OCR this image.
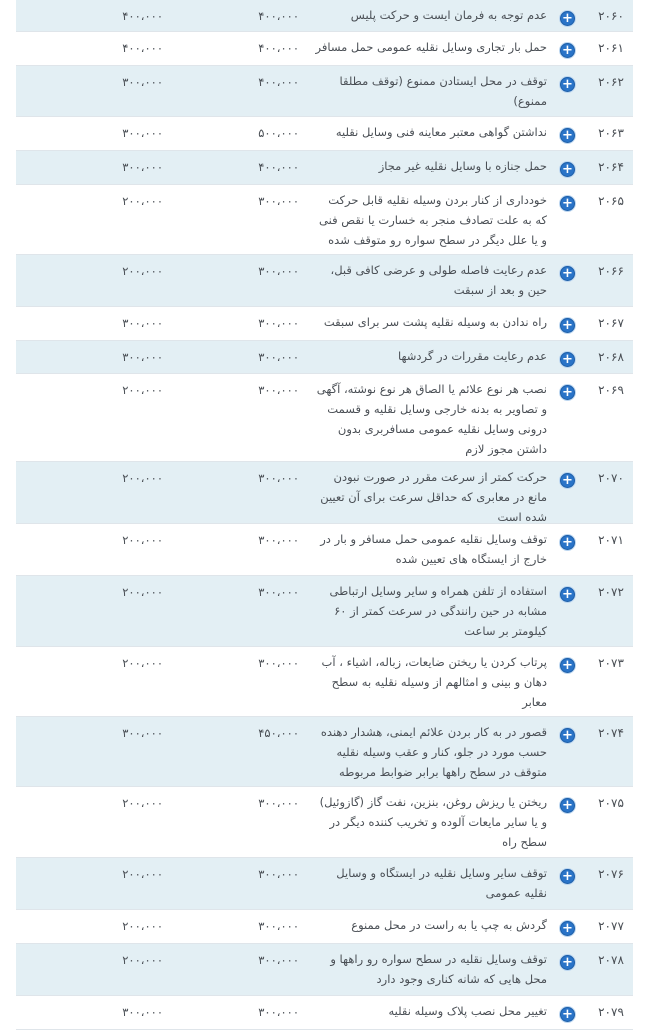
۲۰۶۰
+
عدم توجه به فرمان ایست و حرکت پلیس
۴۰۰،۰۰۰
۴۰۰،۰۰۰
۲۰۶۱
+
حمل بار تجاری وسایل نقلیه عمومی حمل مسافر
۴۰۰،۰۰۰
۴۰۰،۰۰۰
۲۰۶۲
+
توقف در محل ایستادن ممنوع (توقف مطلقا ممنوع)
۴۰۰،۰۰۰
۳۰۰،۰۰۰
۲۰۶۳
+
نداشتن گواهی معتبر معاینه فنی وسایل نقلیه
۵۰۰،۰۰۰
۳۰۰،۰۰۰
۲۰۶۴
+
حمل جنازه با وسایل نقلیه غیر مجاز
۴۰۰،۰۰۰
۳۰۰،۰۰۰
۲۰۶۵
+
خودداری از کنار بردن وسیله نقلیه قابل حرکت که به علت تصادف منجر به خسارت یا نقص فنی و یا علل دیگر در سطح سواره رو متوقف شده
۳۰۰،۰۰۰
۲۰۰،۰۰۰
۲۰۶۶
+
عدم رعایت فاصله طولی و عرضی کافی قبل، حین و بعد از سبقت
۳۰۰،۰۰۰
۲۰۰،۰۰۰
۲۰۶۷
+
راه ندادن به وسیله نقلیه پشت سر برای سبقت
۳۰۰،۰۰۰
۳۰۰،۰۰۰
۲۰۶۸
+
عدم رعایت مقررات در گردشها
۳۰۰،۰۰۰
۳۰۰،۰۰۰
۲۰۶۹
+
نصب هر نوع علائم یا الصاق هر نوع نوشته، آگهی و تصاویر به بدنه خارجی وسایل نقلیه و قسمت درونی وسایل نقلیه عمومی مسافربری بدون داشتن مجوز لازم
۳۰۰،۰۰۰
۲۰۰،۰۰۰
۲۰۷۰
+
حرکت کمتر از سرعت مقرر در صورت نبودن مانع در معابری که حداقل سرعت برای آن تعیین شده است
۳۰۰،۰۰۰
۲۰۰،۰۰۰
۲۰۷۱
+
توقف وسایل نقلیه عمومی حمل مسافر و بار در خارج از ایستگاه های تعیین شده
۳۰۰،۰۰۰
۲۰۰،۰۰۰
۲۰۷۲
+
استفاده از تلفن همراه و سایر وسایل ارتباطی مشابه در حین رانندگی در سرعت کمتر از ۶۰ کیلومتر بر ساعت
۳۰۰،۰۰۰
۲۰۰،۰۰۰
۲۰۷۳
+
پرتاب کردن یا ریختن ضایعات، زباله، اشیاء ، آب دهان و بینی و امثالهم از وسیله نقلیه به سطح معابر
۳۰۰،۰۰۰
۲۰۰،۰۰۰
۲۰۷۴
+
قصور در به کار بردن علائم ایمنی، هشدار دهنده حسب مورد در جلو، کنار و عقب وسیله نقلیه متوقف در سطح راهها برابر ضوابط مربوطه
۴۵۰،۰۰۰
۳۰۰،۰۰۰
۲۰۷۵
+
ریختن یا ریزش روغن، بنزین، نفت گاز (گازوئیل) و یا سایر مایعات آلوده و تخریب کننده دیگر در سطح راه
۳۰۰،۰۰۰
۲۰۰،۰۰۰
۲۰۷۶
+
توقف سایر وسایل نقلیه در ایستگاه و وسایل نقلیه عمومی
۳۰۰،۰۰۰
۲۰۰،۰۰۰
۲۰۷۷
+
گردش به چپ یا به راست در محل ممنوع
۳۰۰،۰۰۰
۲۰۰،۰۰۰
۲۰۷۸
+
توقف وسایل نقلیه در سطح سواره رو راهها و محل هایی که شانه کناری وجود دارد
۳۰۰،۰۰۰
۲۰۰،۰۰۰
۲۰۷۹
+
تغییر محل نصب پلاک وسیله نقلیه
۳۰۰،۰۰۰
۳۰۰،۰۰۰
